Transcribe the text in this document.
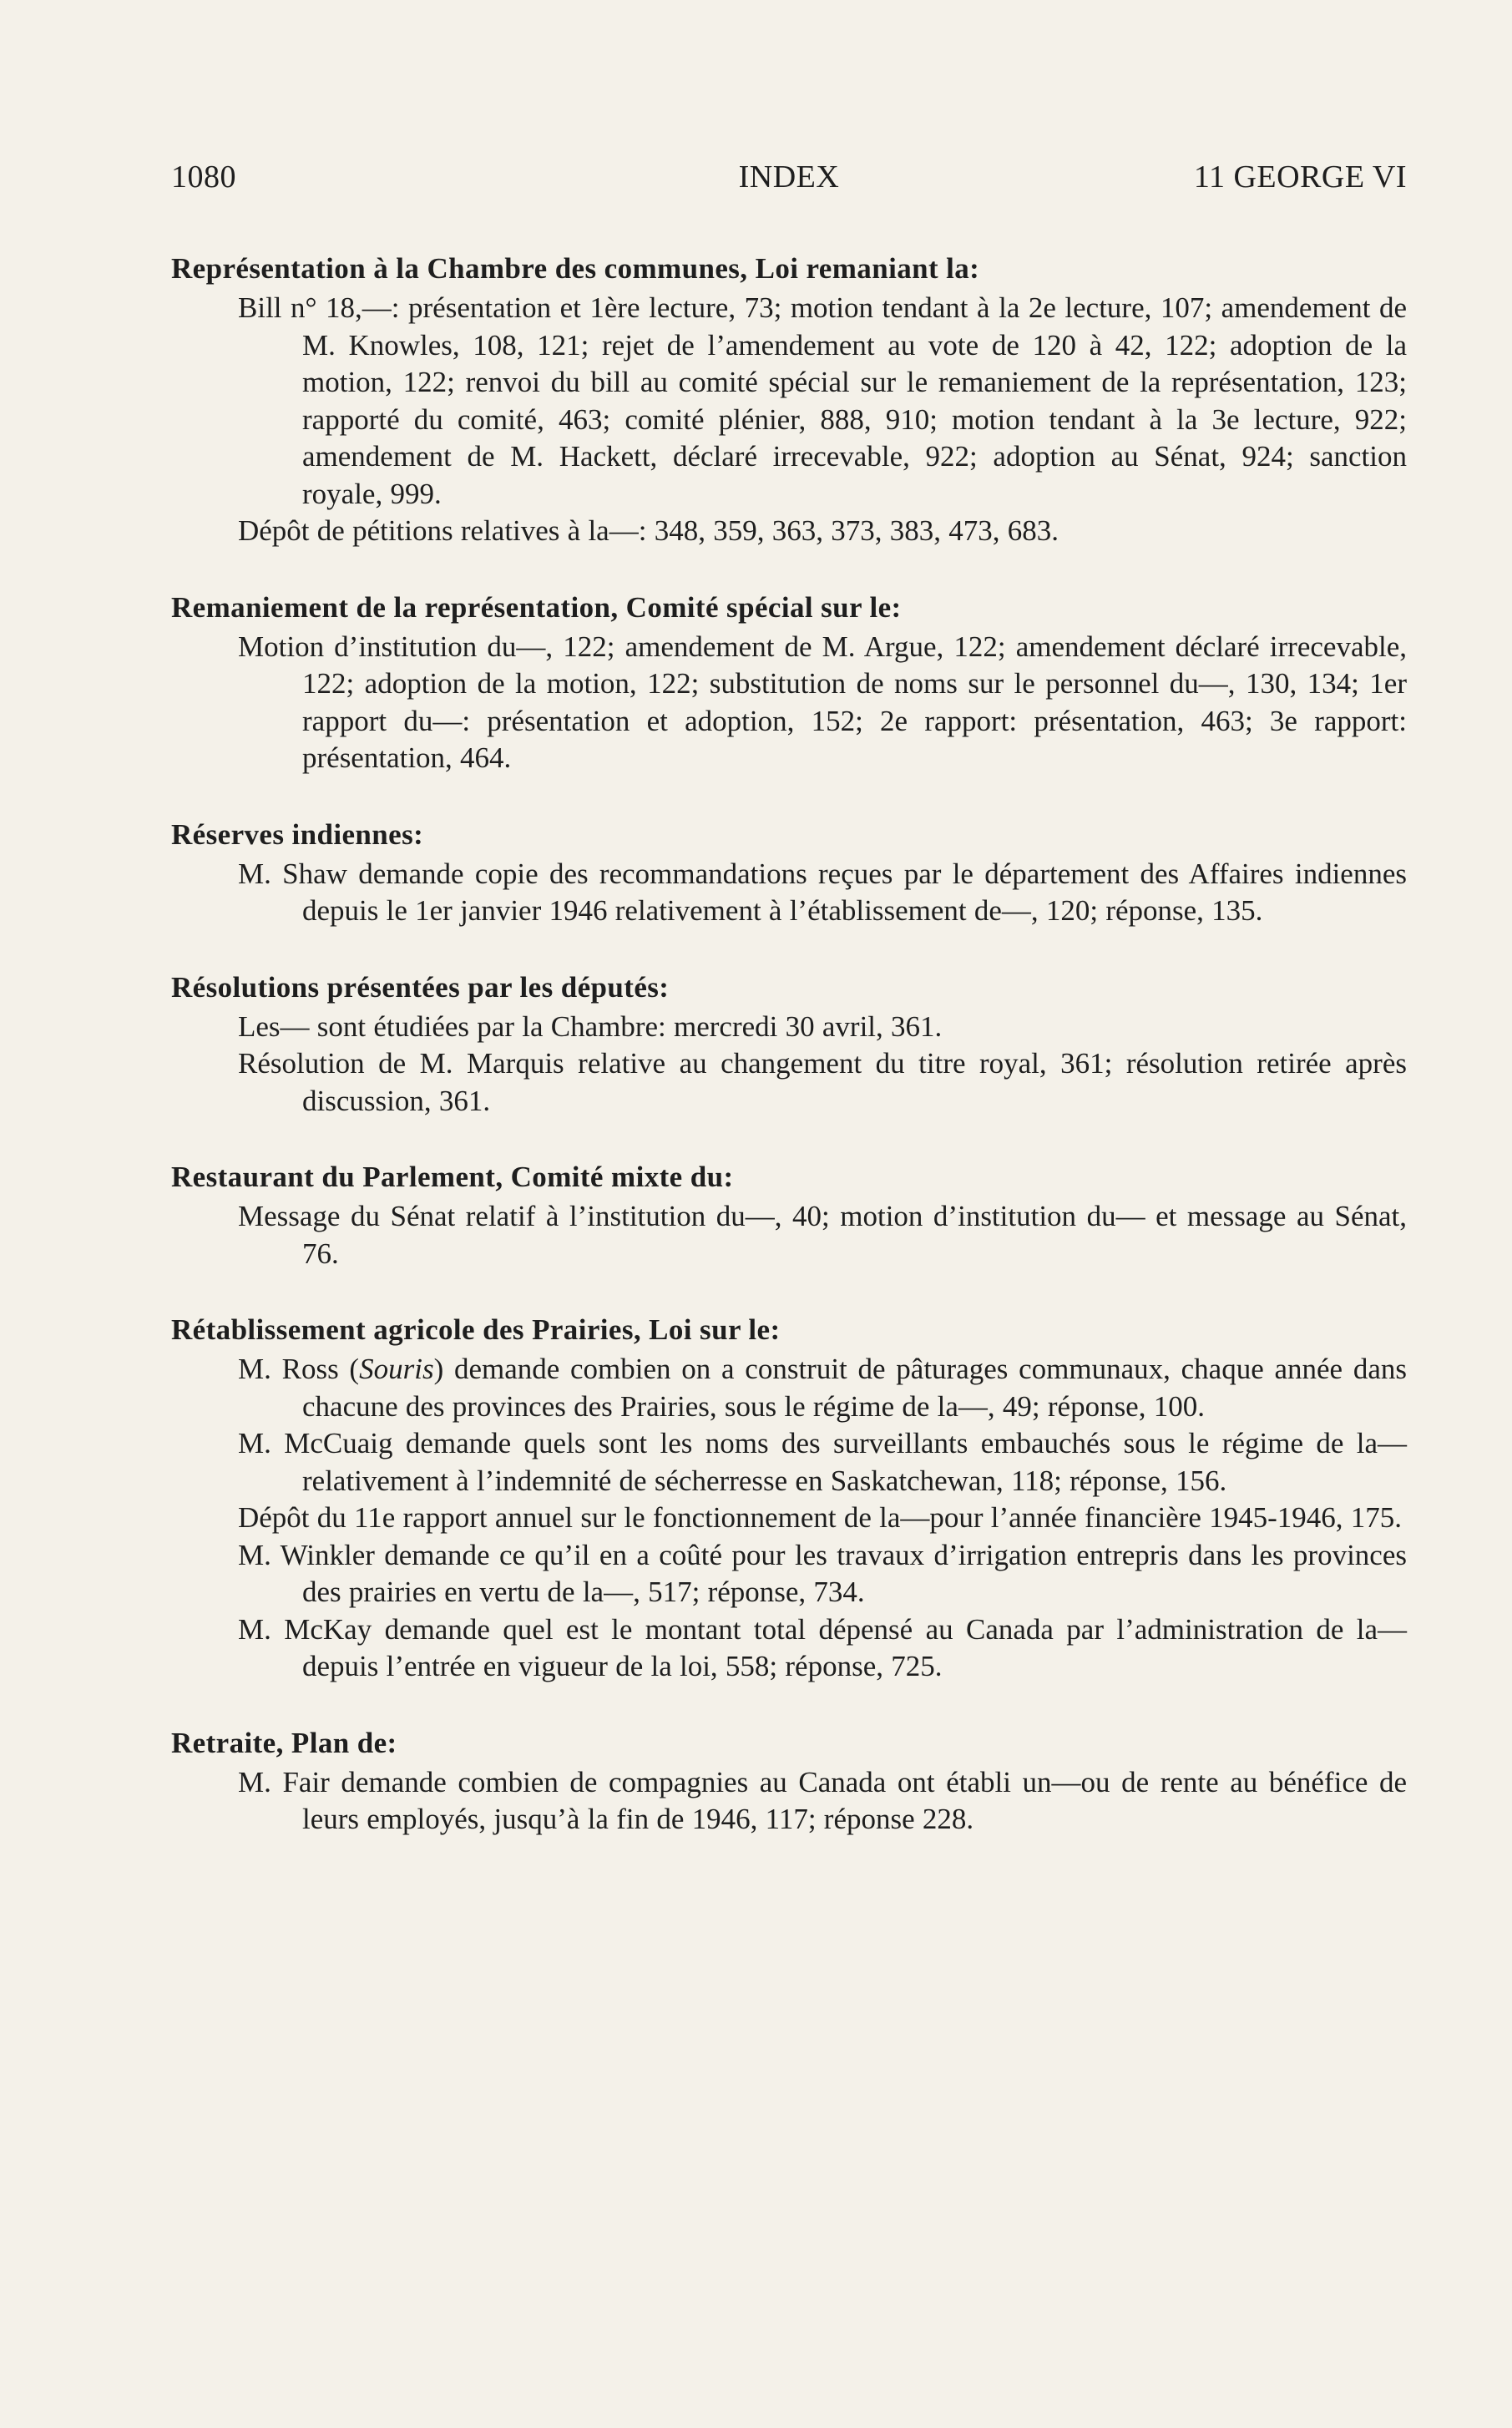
INDEX
1080	11 GEORGE VI

Représentation à la Chambre des communes, Loi remaniant la:

Bill n° 18,—: présentation et 1ère lecture, 73; motion tendant à la 2e lecture, 107; amendement de M. Knowles, 108, 121; rejet de l’amendement au vote de 120 à 42, 122; adoption de la motion, 122; renvoi du bill au comité spécial sur le remaniement de la représentation, 123; rapporté du comité, 463; comité plénier, 888, 910; motion tendant à la 3e lecture, 922; amendement de M. Hackett, déclaré irrecevable, 922; adoption au Sénat, 924; sanction royale, 999.

Dépôt de pétitions relatives à la—: 348, 359, 363, 373, 383, 473, 683.

Remaniement de la représentation, Comité spécial sur le:

Motion d’institution du—, 122; amendement de M. Argue, 122; amendement déclaré irrecevable, 122; adoption de la motion, 122; substitution de noms sur le personnel du—, 130, 134; 1er rapport du—: présentation et adoption, 152; 2e rapport: présentation, 463; 3e rapport: présentation, 464.

Réserves indiennes:

M. Shaw demande copie des recommandations reçues par le département des Affaires indiennes depuis le 1er janvier 1946 relativement à l’établissement de—, 120; réponse, 135.

Résolutions présentées par les députés:

Les— sont étudiées par la Chambre: mercredi 30 avril, 361.

Résolution de M. Marquis relative au changement du titre royal, 361; résolution retirée après discussion, 361.

Restaurant du Parlement, Comité mixte du:

Message du Sénat relatif à l’institution du—, 40; motion d’institution du— et message au Sénat, 76.

Rétablissement agricole des Prairies, Loi sur le:

M. Ross (Souris) demande combien on a construit de pâturages communaux, chaque année dans chacune des provinces des Prairies, sous le régime de la—, 49; réponse, 100.

M. McCuaig demande quels sont les noms des surveillants embauchés sous le régime de la—relativement à l’indemnité de sécherresse en Saskatchewan, 118; réponse, 156.

Dépôt du 11e rapport annuel sur le fonctionnement de la—pour l’année financière 1945-1946, 175.

M. Winkler demande ce qu’il en a coûté pour les travaux d’irrigation entrepris dans les provinces des prairies en vertu de la—, 517; réponse, 734.

M. McKay demande quel est le montant total dépensé au Canada par l’administration de la— depuis l’entrée en vigueur de la loi, 558; réponse, 725.

Retraite, Plan de:

M. Fair demande combien de compagnies au Canada ont établi un—ou de rente au bénéfice de leurs employés, jusqu’à la fin de 1946, 117; réponse 228.
